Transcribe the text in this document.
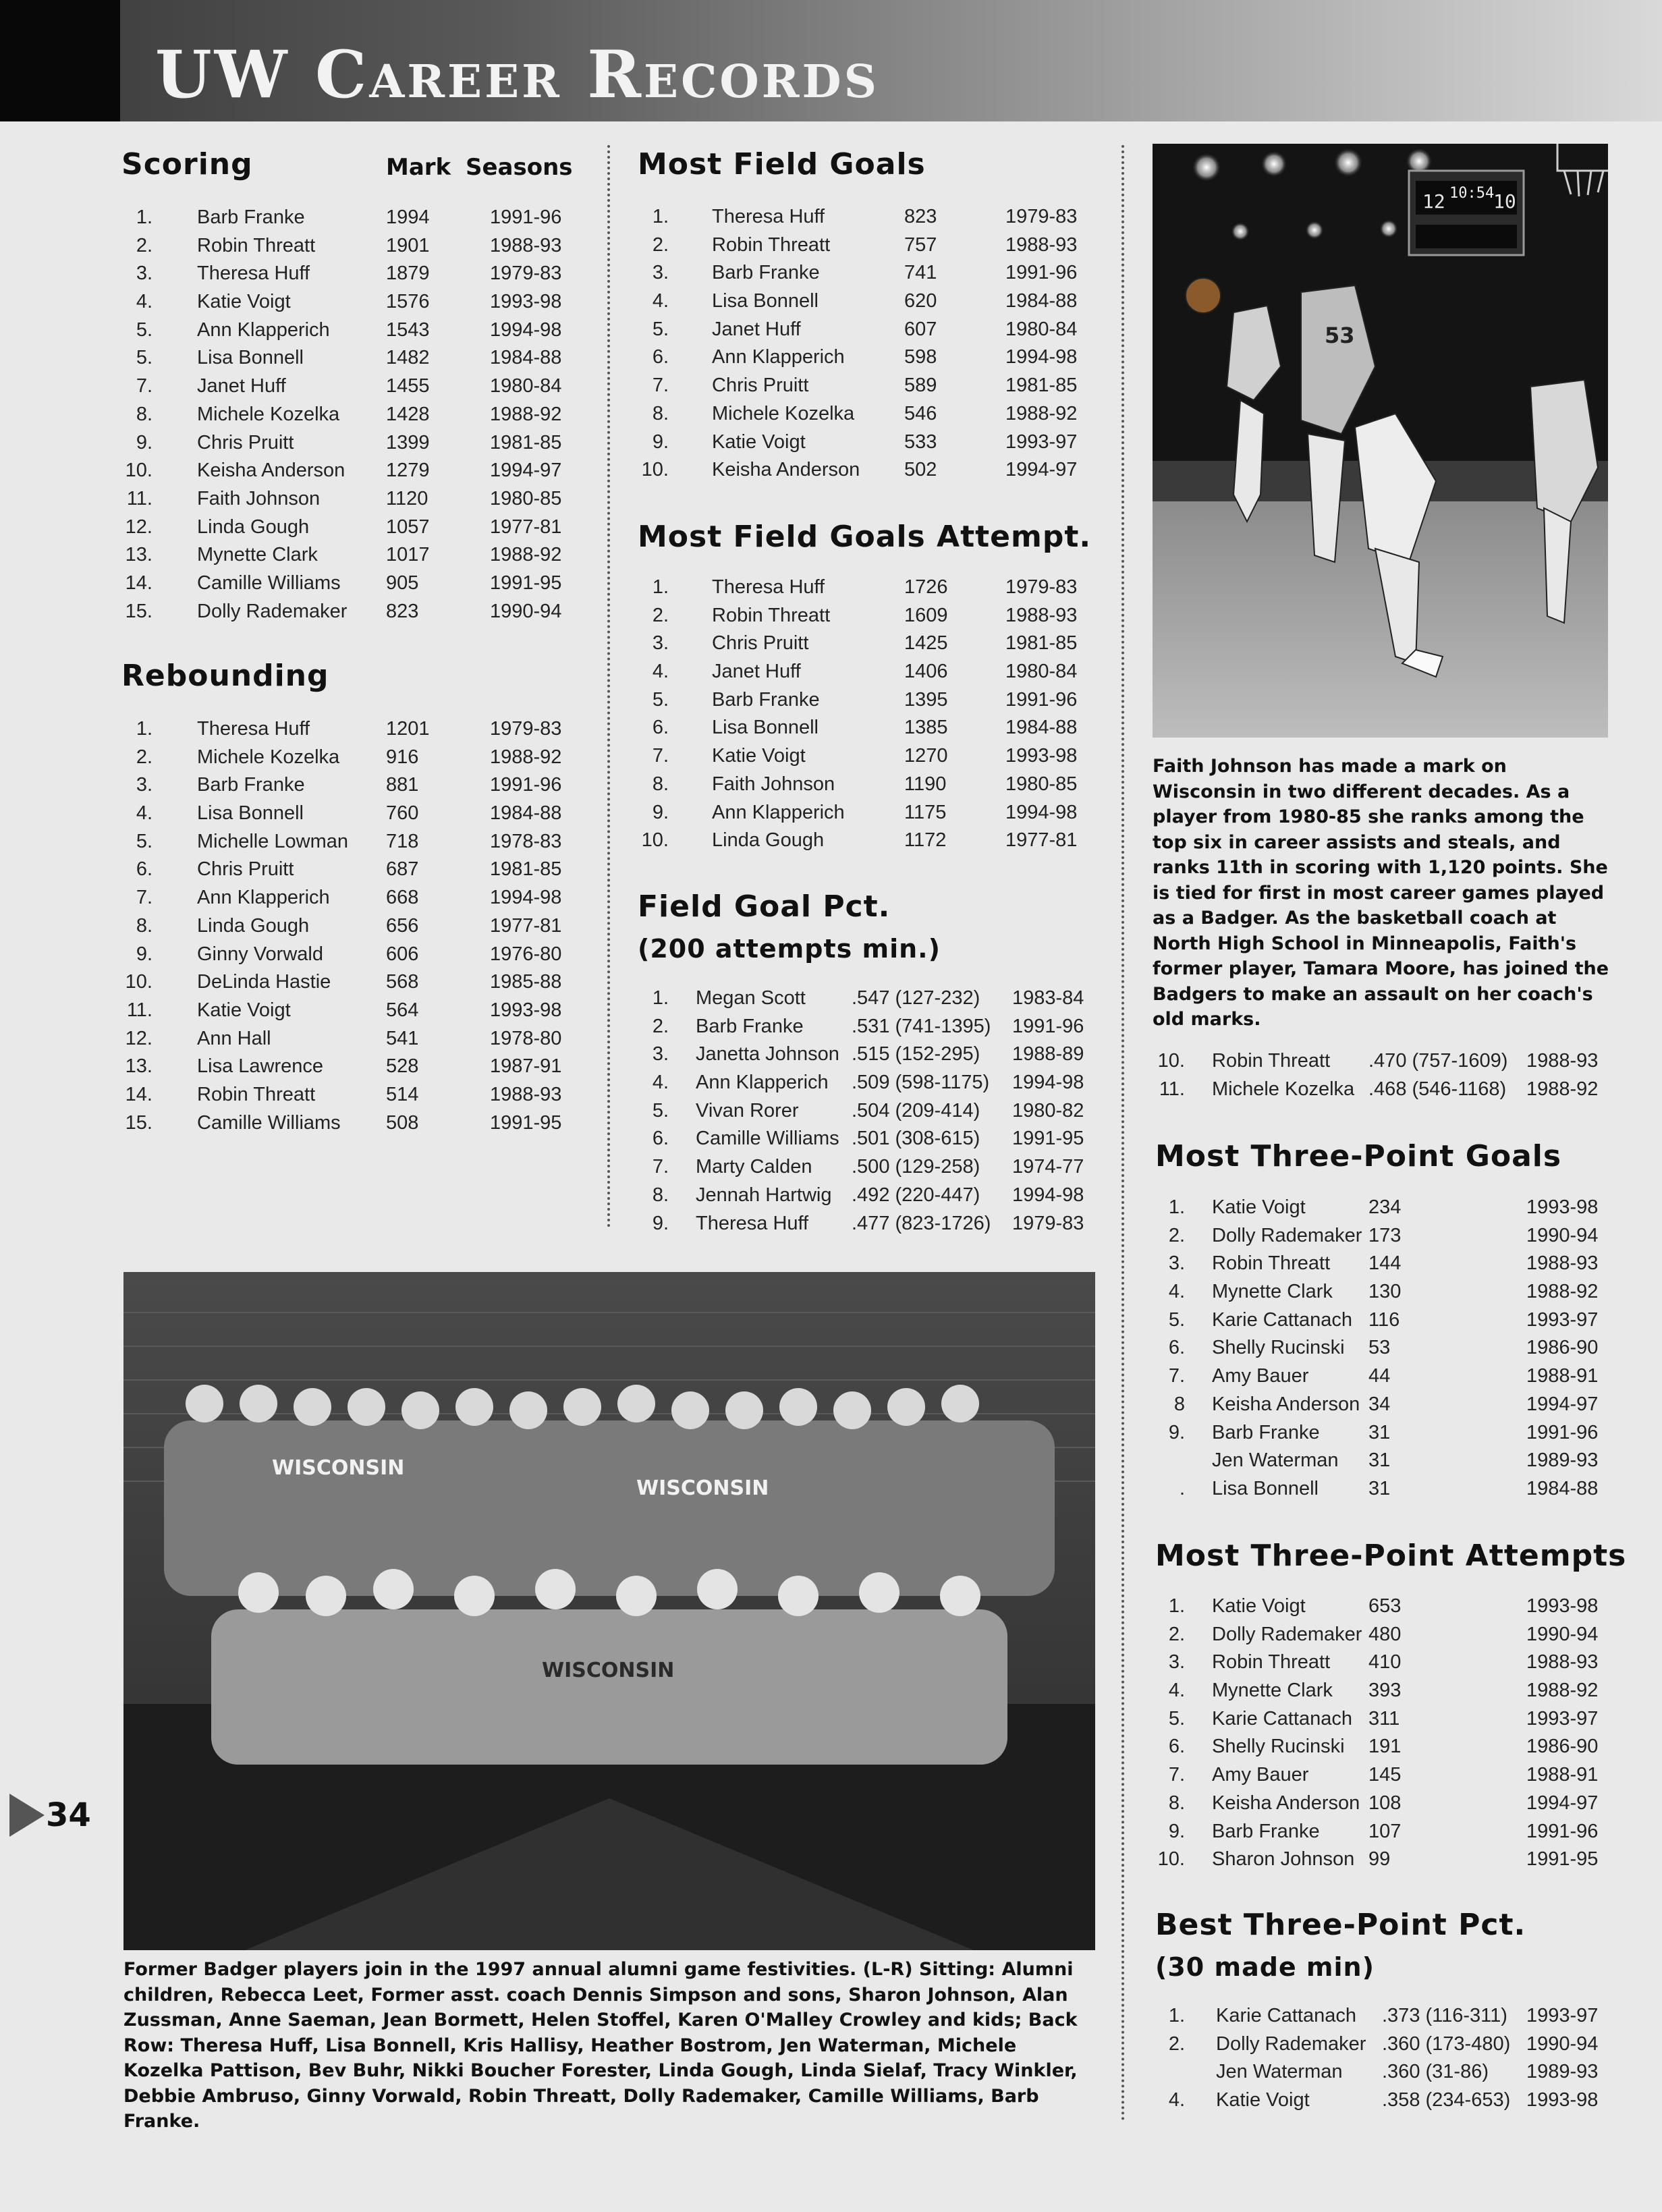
UW Career Records
Scoring	Mark Seasons
1. Barb Franke	1994	1991-96
2. Robin Threatt	1901	1988-93
3. Theresa Huff	1879	1979-83
4. Katie Voigt	1576	1993-98
5. Ann Klapperich	1543	1994-98
5. Lisa Bonnell	1482	1984-88
7. Janet Huff	1455	1980-84
8. Michele Kozelka 1428	1988-92
9. Chris Pruitt	1399	1981-85
10. Keisha Anderson 1279	1994-97
11. Faith Johnson	1120	1980-85
12. Linda Gough	1057	1977-81
13. Mynette Clark	1017	1988-92
14. Camille Williams 905	1991-95
15. Dolly Rademaker 823	1990-94
Rebounding
1. Theresa Huff	1201	1979-83
2. Michele Kozelka 916	1988-92
3. Barb Franke	881	1991-96
4. Lisa Bonnell	760	1984-88
5. Michelle Lowman 718	1978-83
6. Chris Pruitt	687	1981-85
7. Ann Klapperich	668	1994-98
8. Linda Gough	656	1977-81
9. Ginny Vorwald	606	1976-80
10. DeLinda Hastie	568	1985-88
11. Katie Voigt	564	1993-98
12. Ann Hall	541	1978-80
13. Lisa Lawrence	528	1987-91
14. Robin Threatt	514	1988-93
15. Camille Williams 508	1991-95
Most Field Goals
1. Theresa Huff	823	1979-83
2. Robin Threatt	757	1988-93
3. Barb Franke	741	1991-96
4. Lisa Bonnell	620	1984-88
5. Janet Huff	607	1980-84
6. Ann Klapperich	598	1994-98
7. Chris Pruitt	589	1981-85
8. Michele Kozelka	546	1988-92
9. Katie Voigt	533	1993-97
10. Keisha Anderson 502	1994-97
Most Field Goals Attempt.
1. Theresa Huff	1726	1979-83
2. Robin Threatt	1609	1988-93
3. Chris Pruitt	1425	1981-85
4. Janet Huff	1406	1980-84
5. Barb Franke	1395	1991-96
6. Lisa Bonnell	1385	1984-88
7. Katie Voigt	1270	1993-98
8. Faith Johnson	1190	1980-85
9. Ann Klapperich	1175	1994-98
10. Linda Gough	1172	1977-81
Field Goal Pct.
(200 attempts min.)
1. Megan Scott .547 (127-232) 1983-84
2. Barb Franke .531 (741-1395) 1991-96
3. Janetta Johnson .515 (152-295) 1988-89
4. Ann Klapperich .509 (598-1175) 1994-98
5. Vivan Rorer	.504 (209-414) 1980-82
6. Camille Williams .501 (308-615) 1991-95
7. Marty Calden .500 (129-258) 1974-77
8. Jennah Hartwig .492 (220-447) 1994-98
9. Theresa Huff .477 (823-1726) 1979-83
12 10:54
10
53

Faith Johnson has made a mark on Wisconsin in two different decades. As a player from 1980-85 she ranks among the top six in career assists and steals, and ranks 11th in scoring with 1,120 points. She is tied for first in most career games played as a Badger. As the basketball coach at North High School in Minneapolis, Faith's former player, Tamara Moore, has joined the Badgers to make an assault on her coach's old marks.

10. Robin Threatt .470 (757-1609) 1988-93
11. Michele Kozelka .468 (546-1168) 1988-92
Most Three-Point Goals
1. Katie Voigt	234	1993-98
2. Dolly Rademaker 173	1990-94
3. Robin Threatt 144	1988-93
4. Mynette Clark 130	1988-92
5. Karie Cattanach 116	1993-97
6. Shelly Rucinski 53	1986-90
7. Amy Bauer	44	1988-91
8 Keisha Anderson 34	1994-97
9. Barb Franke 31	1991-96
Jen Waterman 31	1989-93
. Lisa Bonnell	31	1984-88
Most Three-Point Attempts
1. Katie Voigt	653	1993-98
2. Dolly Rademaker 480	1990-94
3. Robin Threatt 410	1988-93
4. Mynette Clark 393	1988-92
5. Karie Cattanach 311	1993-97
6. Shelly Rucinski 191	1986-90
7. Amy Bauer	145	1988-91
8. Keisha Anderson 108	1994-97
9. Barb Franke 107	1991-96
10. Sharon Johnson 99	1991-95
Best Three-Point Pct.
(30 made min)
1. Karie Cattanach .373 (116-311) 1993-97
2. Dolly Rademaker .360 (173-480) 1990-94
Jen Waterman .360 (31-86) 1989-93
4. Katie Voigt	.358 (234-653) 1993-98
WISCONSIN
WISCONSIN
WISCONSIN

Former Badger players join in the 1997 annual alumni game festivities. (L-R) Sitting: Alumni children, Rebecca Leet, Former asst. coach Dennis Simpson and sons, Sharon Johnson, Alan Zussman, Anne Saeman, Jean Bormett, Helen Stoffel, Karen O'Malley Crowley and kids; Back Row: Theresa Huff, Lisa Bonnell, Kris Hallisy, Heather Bostrom, Jen Waterman, Michele Kozelka Pattison, Bev Buhr, Nikki Boucher Forester, Linda Gough, Linda Sielaf, Tracy Winkler, Debbie Ambruso, Ginny Vorwald, Robin Threatt, Dolly Rademaker, Camille Williams, Barb Franke.

34
